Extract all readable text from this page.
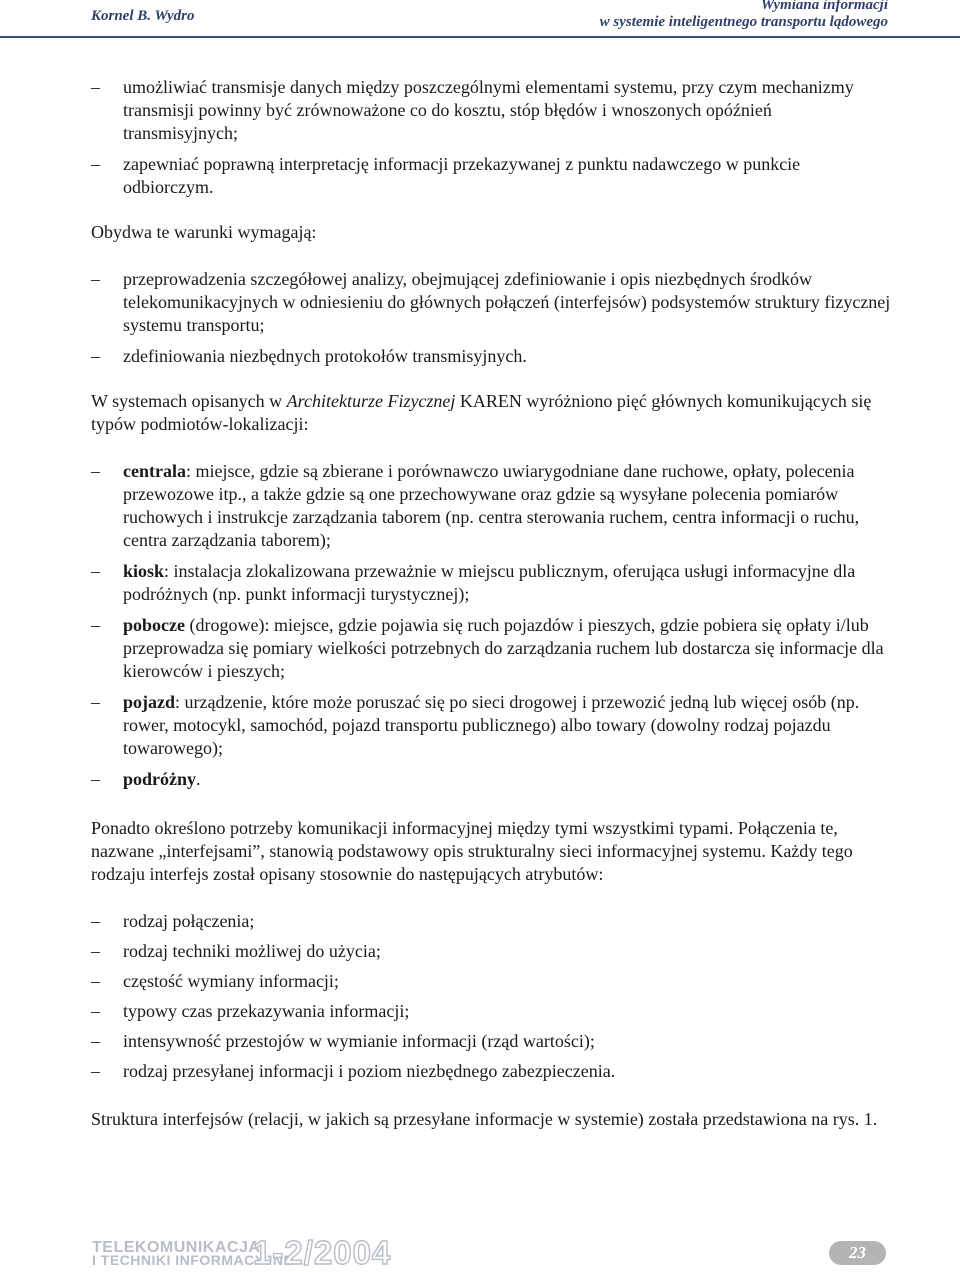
Kornel B. Wydro
Wymiana informacji
w systemie inteligentnego transportu lądowego
– umożliwiać transmisje danych między poszczególnymi elementami systemu, przy czym mechanizmy transmisji powinny być zrównoważone co do kosztu, stóp błędów i wnoszonych opóźnień transmisyjnych;
– zapewniać poprawną interpretację informacji przekazywanej z punktu nadawczego w punkcie odbiorczym.

Obydwa te warunki wymagają:

– przeprowadzenia szczegółowej analizy, obejmującej zdefiniowanie i opis niezbędnych środków telekomunikacyjnych w odniesieniu do głównych połączeń (interfejsów) podsystemów struktury fizycznej systemu transportu;
– zdefiniowania niezbędnych protokołów transmisyjnych.

W systemach opisanych w Architekturze Fizycznej KAREN wyróżniono pięć głównych komunikujących się typów podmiotów-lokalizacji:

– centrala: miejsce, gdzie są zbierane i porównawczo uwiarygodniane dane ruchowe, opłaty, polecenia przewozowe itp., a także gdzie są one przechowywane oraz gdzie są wysyłane polecenia pomiarów ruchowych i instrukcje zarządzania taborem (np. centra sterowania ruchem, centra informacji o ruchu, centra zarządzania taborem);
– kiosk: instalacja zlokalizowana przeważnie w miejscu publicznym, oferująca usługi informacyjne dla podróżnych (np. punkt informacji turystycznej);
– pobocze (drogowe): miejsce, gdzie pojawia się ruch pojazdów i pieszych, gdzie pobiera się opłaty i/lub przeprowadza się pomiary wielkości potrzebnych do zarządzania ruchem lub dostarcza się informacje dla kierowców i pieszych;
– pojazd: urządzenie, które może poruszać się po sieci drogowej i przewozić jedną lub więcej osób (np. rower, motocykl, samochód, pojazd transportu publicznego) albo towary (dowolny rodzaj pojazdu towarowego);
– podróżny.

Ponadto określono potrzeby komunikacji informacyjnej między tymi wszystkimi typami. Połączenia te, nazwane „interfejsami”, stanowią podstawowy opis strukturalny sieci informacyjnej systemu. Każdy tego rodzaju interfejs został opisany stosownie do następujących atrybutów:

– rodzaj połączenia;
– rodzaj techniki możliwej do użycia;
– częstość wymiany informacji;
– typowy czas przekazywania informacji;
– intensywność przestojów w wymianie informacji (rząd wartości);
– rodzaj przesyłanej informacji i poziom niezbędnego zabezpieczenia.

Struktura interfejsów (relacji, w jakich są przesyłane informacje w systemie) została przedstawiona na rys. 1.

TELEKOMUNIKACJA
I TECHNIKI INFORMACYJNE
1-2/2004	23
